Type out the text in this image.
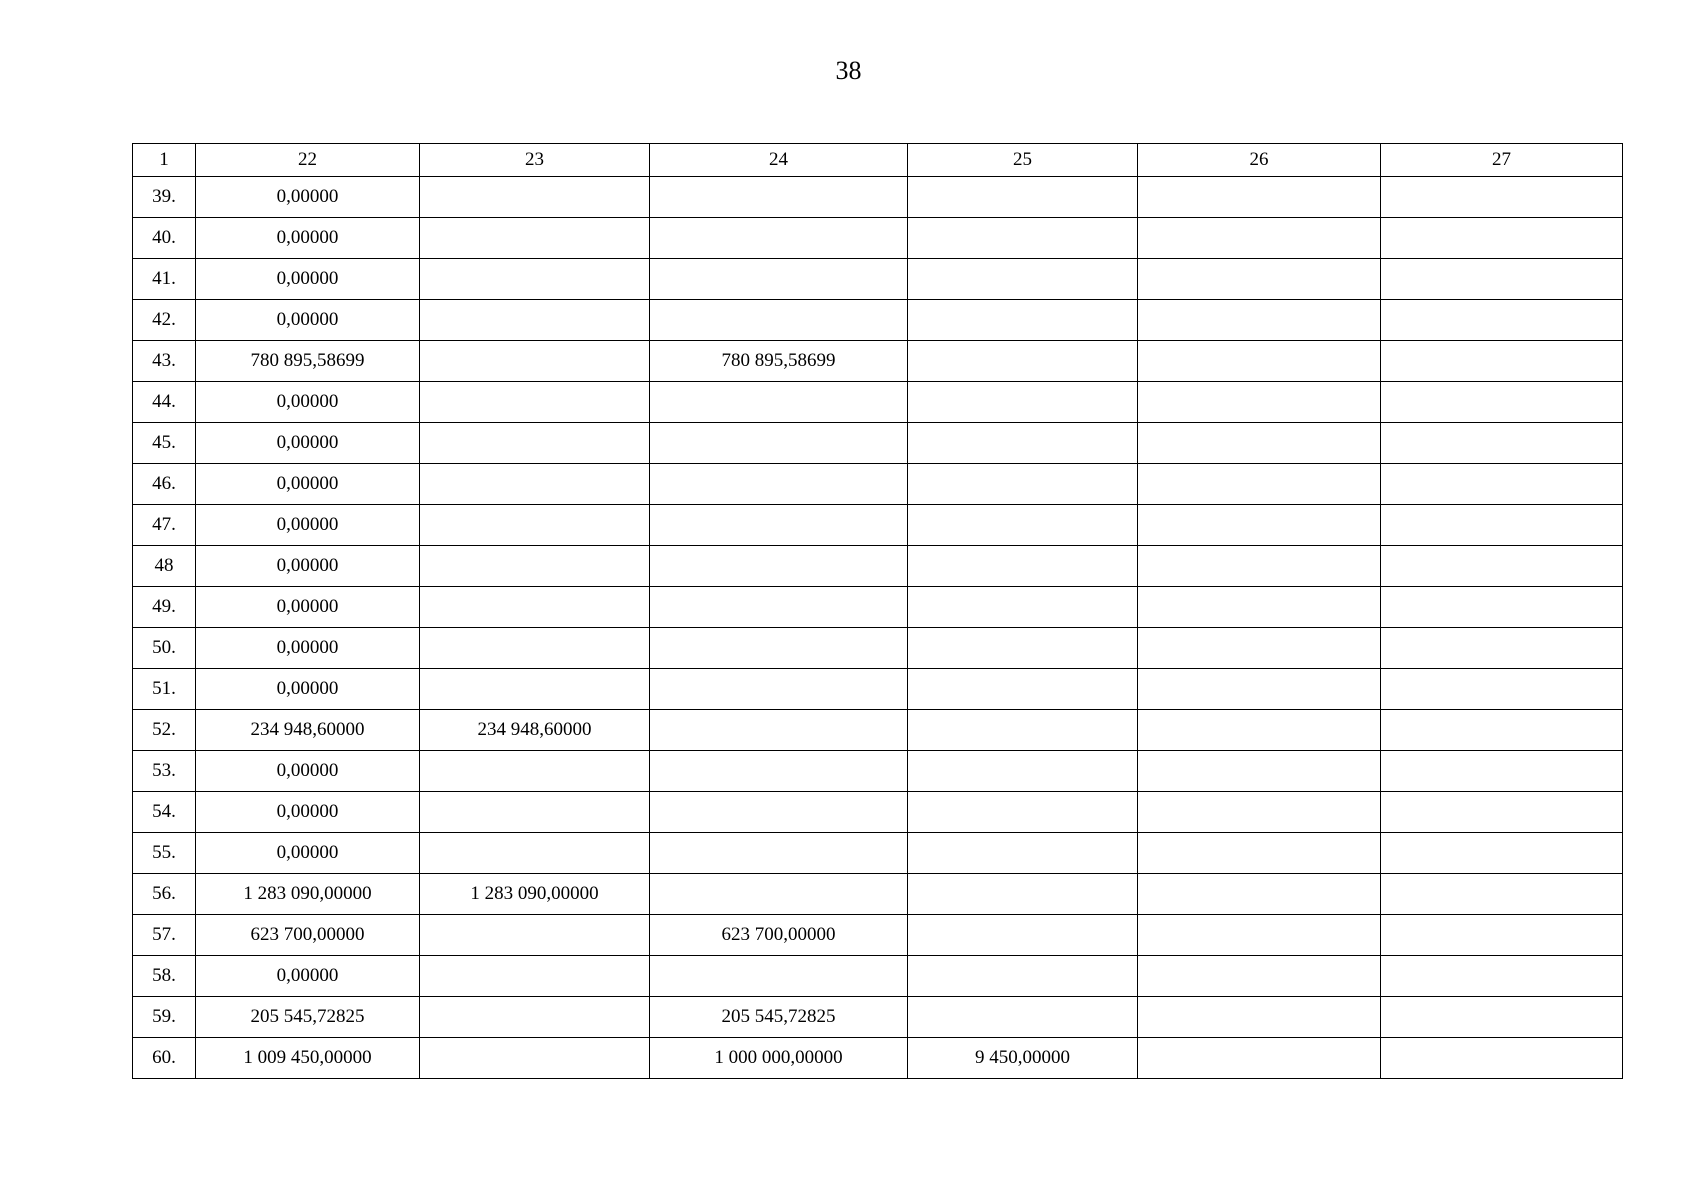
38
1	22	23	24	25	26	27
39.	0,00000					
40.	0,00000					
41.	0,00000					
42.	0,00000					
43.	780 895,58699		780 895,58699			
44.	0,00000					
45.	0,00000					
46.	0,00000					
47.	0,00000					
48	0,00000					
49.	0,00000					
50.	0,00000					
51.	0,00000					
52.	234 948,60000	234 948,60000				
53.	0,00000					
54.	0,00000					
55.	0,00000					
56.	1 283 090,00000	1 283 090,00000				
57.	623 700,00000		623 700,00000			
58.	0,00000					
59.	205 545,72825		205 545,72825			
60.	1 009 450,00000		1 000 000,00000	9 450,00000		
